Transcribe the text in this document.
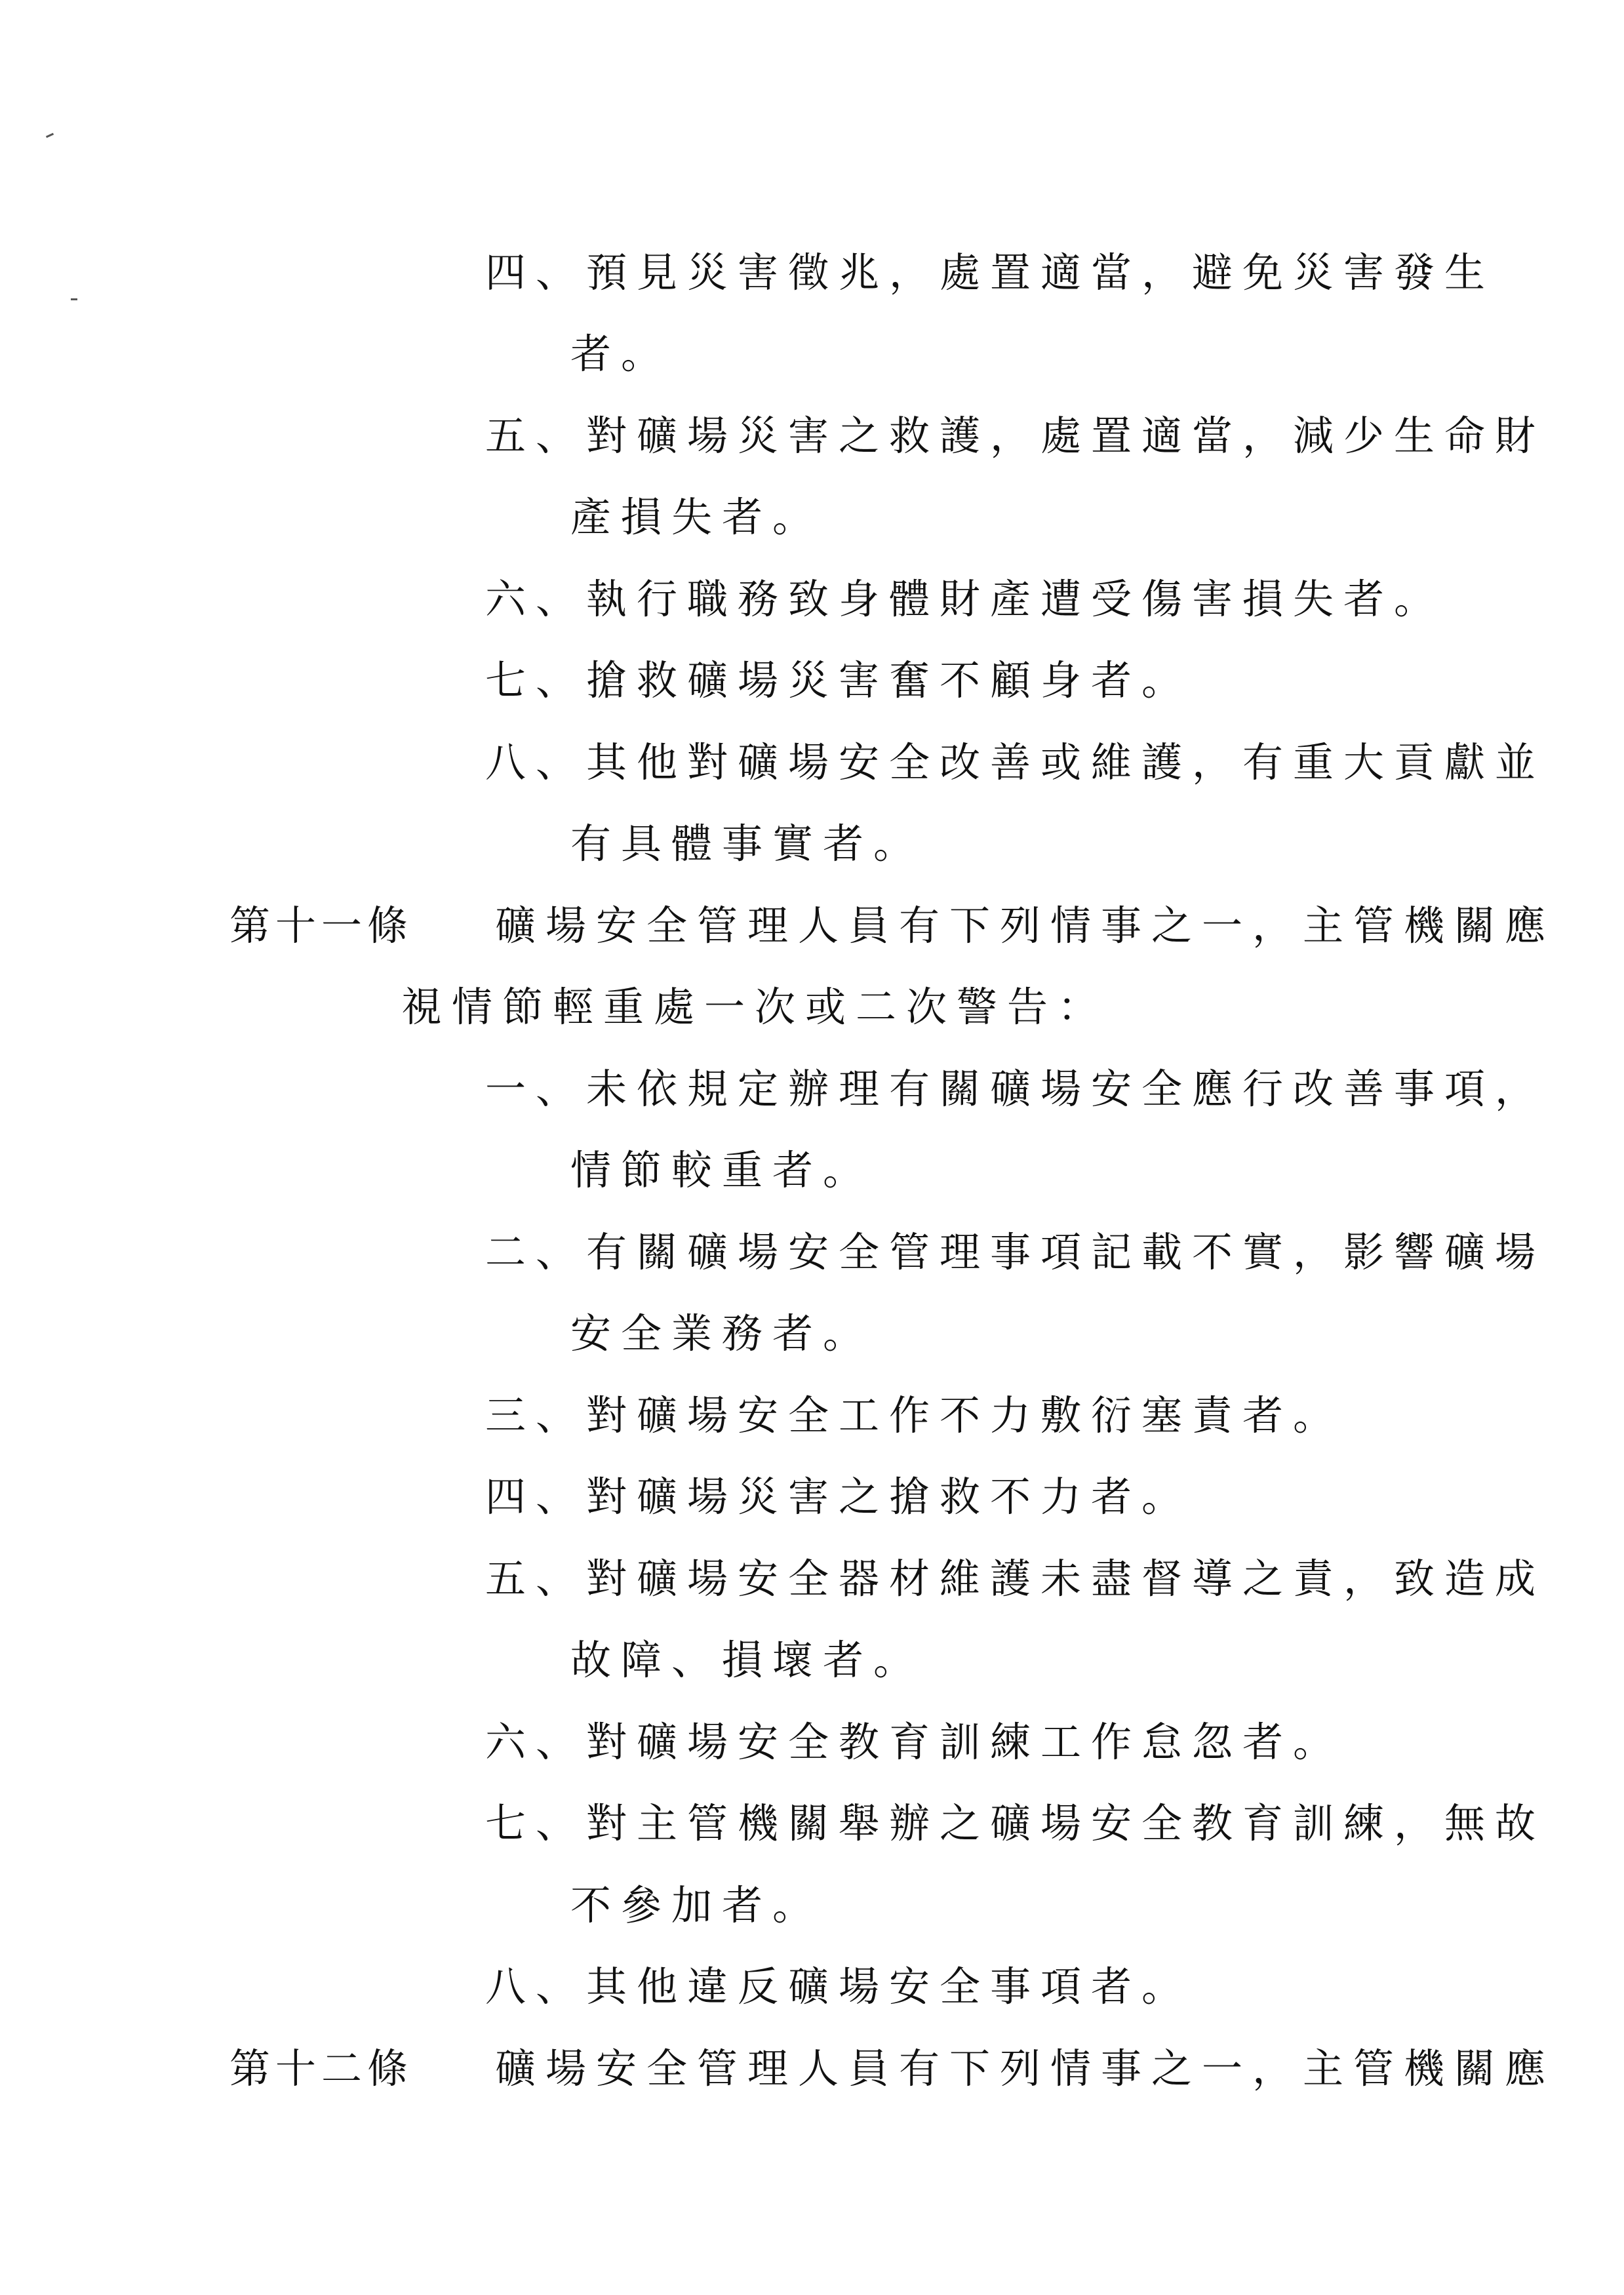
四、預見災害徵兆，處置適當，避免災害發生
者。
五、對礦場災害之救護，處置適當，減少生命財
產損失者。
六、執行職務致身體財產遭受傷害損失者。
七、搶救礦場災害奮不顧身者。
八、其他對礦場安全改善或維護，有重大貢獻並
有具體事實者。
第十一條 礦場安全管理人員有下列情事之一，主管機關應
視情節輕重處一次或二次警告：
一、未依規定辦理有關礦場安全應行改善事項，
情節較重者。
二、有關礦場安全管理事項記載不實，影響礦場
安全業務者。
三、對礦場安全工作不力敷衍塞責者。
四、對礦場災害之搶救不力者。
五、對礦場安全器材維護未盡督導之責，致造成
故障、損壞者。
六、對礦場安全教育訓練工作怠忽者。
七、對主管機關舉辦之礦場安全教育訓練，無故
不參加者。
八、其他違反礦場安全事項者。
第十二條 礦場安全管理人員有下列情事之一，主管機關應
